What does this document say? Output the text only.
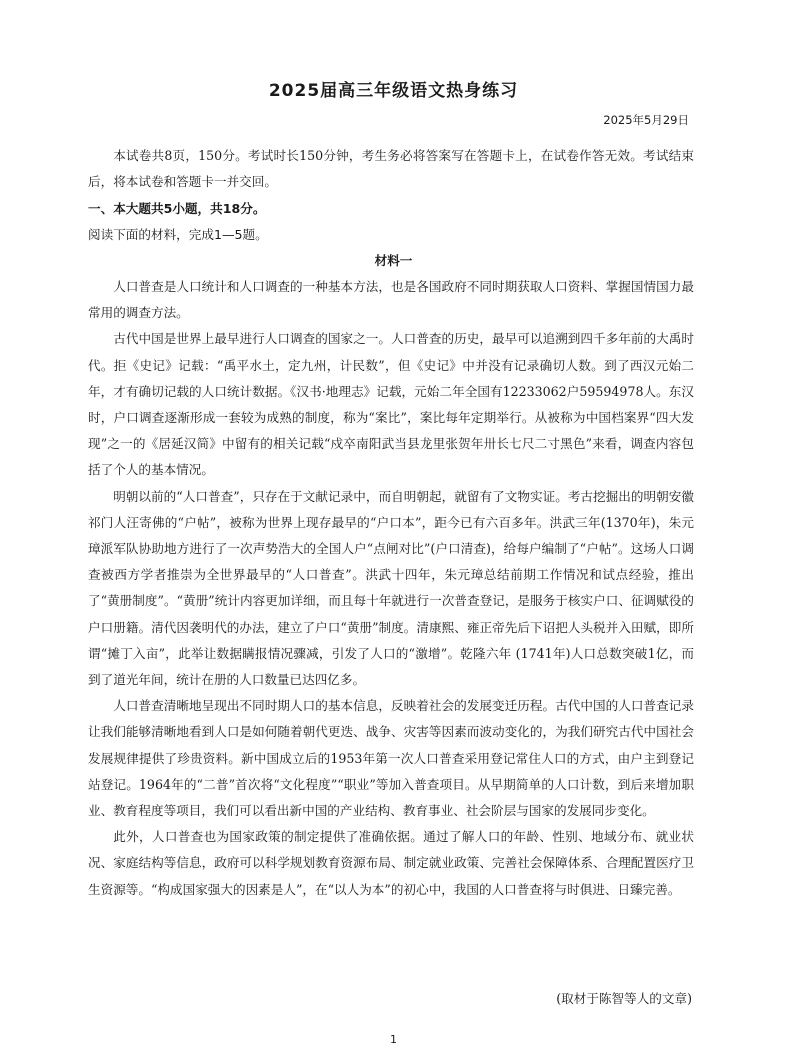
2025届高三年级语文热身练习
2025年5月29日

本试卷共8页，150分。考试时长150分钟，考生务必将答案写在答题卡上，在试卷作答无效。考试结束后，将本试卷和答题卡一并交回。

一、本大题共5小题，共18分。
阅读下面的材料，完成1—5题。
材料一

人口普查是人口统计和人口调查的一种基本方法，也是各国政府不同时期获取人口资料、掌握国情国力最常用的调查方法。

古代中国是世界上最早进行人口调查的国家之一。人口普查的历史，最早可以追溯到四千多年前的大禹时代。拒《史记》记载：“禹平水土，定九州，计民数”，但《史记》中并没有记录确切人数。到了西汉元始二年，才有确切记载的人口统计数据。《汉书·地理志》记载，元始二年全国有12233062户59594978人。东汉时，户口调查逐渐形成一套较为成熟的制度，称为“案比”，案比每年定期举行。从被称为中国档案界“四大发现”之一的《居延汉简》中留有的相关记载“戍卒南阳武当县龙里张贺年卅长七尺二寸黑色”来看，调查内容包括了个人的基本情况。

明朝以前的“人口普查”，只存在于文献记录中，而自明朝起，就留有了文物实证。考古挖掘出的明朝安徽祁门人汪寄佛的“户帖”，被称为世界上现存最早的“户口本”，距今已有六百多年。洪武三年(1370年)，朱元璋派军队协助地方进行了一次声势浩大的全国人户“点闸对比”(户口清查)，给每户编制了“户帖”。这场人口调查被西方学者推崇为全世界最早的“人口普查”。洪武十四年，朱元璋总结前期工作情况和试点经验，推出了“黄册制度”。“黄册”统计内容更加详细，而且每十年就进行一次普查登记，是服务于核实户口、征调赋役的户口册籍。清代因袭明代的办法，建立了户口“黄册”制度。清康熙、雍正帝先后下诏把人头税并入田赋，即所谓“摊丁入亩”，此举让数据瞒报情况骤减，引发了人口的“激增”。乾隆六年 (1741年)人口总数突破1亿，而到了道光年间，统计在册的人口数量已达四亿多。

人口普查清晰地呈现出不同时期人口的基本信息，反映着社会的发展变迁历程。古代中国的人口普查记录让我们能够清晰地看到人口是如何随着朝代更迭、战争、灾害等因素而波动变化的，为我们研究古代中国社会发展规律提供了珍贵资料。新中国成立后的1953年第一次人口普查采用登记常住人口的方式，由户主到登记站登记。1964年的“二普”首次将“文化程度”“职业”等加入普查项目。从早期简单的人口计数，到后来增加职业、教育程度等项目，我们可以看出新中国的产业结构、教育事业、社会阶层与国家的发展同步变化。

此外，人口普查也为国家政策的制定提供了准确依据。通过了解人口的年龄、性别、地域分布、就业状况、家庭结构等信息，政府可以科学规划教育资源布局、制定就业政策、完善社会保障体系、合理配置医疗卫生资源等。“构成国家强大的因素是人”，在“以人为本”的初心中，我国的人口普查将与时俱进、日臻完善。

(取材于陈智等人的文章)
1
